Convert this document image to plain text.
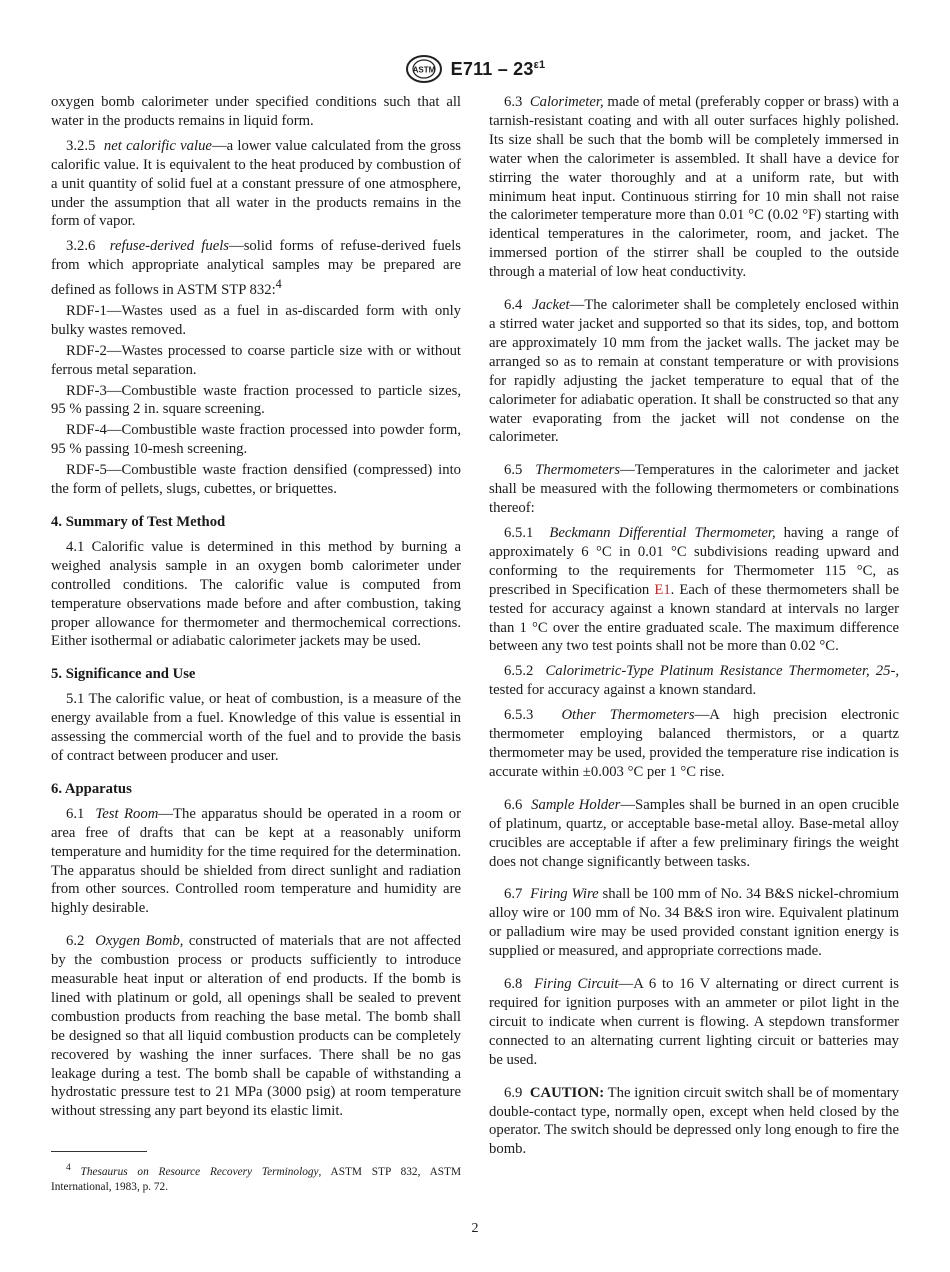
ASTM $E711 - 23^{\varepsilon 1}$

oxygen bomb calorimeter under specified conditions such that all water in the products remains in liquid form.

3.2.5 net calorific value—a lower value calculated from the gross calorific value. It is equivalent to the heat produced by combustion of a unit quantity of solid fuel at a constant pressure of one atmosphere, under the assumption that all water in the products remains in the form of vapor.

3.2.6 refuse-derived fuels—solid forms of refuse-derived fuels from which appropriate analytical samples may be prepared are defined as follows in ASTM STP 832:$^4$

RDF-1—Wastes used as a fuel in as-discarded form with only bulky wastes removed.

RDF-2—Wastes processed to coarse particle size with or without ferrous metal separation.

RDF-3—Combustible waste fraction processed to particle sizes, 95 % passing 2 in. square screening.

RDF-4—Combustible waste fraction processed into powder form, 95 % passing 10-mesh screening.

RDF-5—Combustible waste fraction densified (compressed) into the form of pellets, slugs, cubettes, or briquettes.

4. Summary of Test Method

4.1 Calorific value is determined in this method by burning a weighed analysis sample in an oxygen bomb calorimeter under controlled conditions. The calorific value is computed from temperature observations made before and after combustion, taking proper allowance for thermometer and thermochemical corrections. Either isothermal or adiabatic calorimeter jackets may be used.

5. Significance and Use

5.1 The calorific value, or heat of combustion, is a measure of the energy available from a fuel. Knowledge of this value is essential in assessing the commercial worth of the fuel and to provide the basis of contract between producer and user.

6. Apparatus

6.1 Test Room—The apparatus should be operated in a room or area free of drafts that can be kept at a reasonably uniform temperature and humidity for the time required for the determination. The apparatus should be shielded from direct sunlight and radiation from other sources. Controlled room temperature and humidity are highly desirable.

6.2 Oxygen Bomb, constructed of materials that are not affected by the combustion process or products sufficiently to introduce measurable heat input or alteration of end products. If the bomb is lined with platinum or gold, all openings shall be sealed to prevent combustion products from reaching the base metal. The bomb shall be designed so that all liquid combustion products can be completely recovered by washing the inner surfaces. There shall be no gas leakage during a test. The bomb shall be capable of withstanding a hydrostatic pressure test to 21 MPa (3000 psig) at room temperature without stressing any part beyond its elastic limit.

6.3 Calorimeter, made of metal (preferably copper or brass) with a tarnish-resistant coating and with all outer surfaces highly polished. Its size shall be such that the bomb will be completely immersed in water when the calorimeter is assembled. It shall have a device for stirring the water thoroughly and at a uniform rate, but with minimum heat input. Continuous stirring for 10 min shall not raise the calorimeter temperature more than 0.01 °C (0.02 °F) starting with identical temperatures in the calorimeter, room, and jacket. The immersed portion of the stirrer shall be coupled to the outside through a material of low heat conductivity.

6.4 Jacket—The calorimeter shall be completely enclosed within a stirred water jacket and supported so that its sides, top, and bottom are approximately 10 mm from the jacket walls. The jacket may be arranged so as to remain at constant temperature or with provisions for rapidly adjusting the jacket temperature to equal that of the calorimeter for adiabatic operation. It shall be constructed so that any water evaporating from the jacket will not condense on the calorimeter.

6.5 Thermometers—Temperatures in the calorimeter and jacket shall be measured with the following thermometers or combinations thereof:

6.5.1 Beckmann Differential Thermometer, having a range of approximately 6 °C in 0.01 °C subdivisions reading upward and conforming to the requirements for Thermometer 115 °C, as prescribed in Specification E1. Each of these thermometers shall be tested for accuracy against a known standard at intervals no larger than 1 °C over the entire graduated scale. The maximum difference between any two test points shall not be more than 0.02 °C.

6.5.2 Calorimetric-Type Platinum Resistance Thermometer, 25-, tested for accuracy against a known standard.

6.5.3 Other Thermometers—A high precision electronic thermometer employing balanced thermistors, or a quartz thermometer may be used, provided the temperature rise indication is accurate within ±0.003 °C per 1 °C rise.

6.6 Sample Holder—Samples shall be burned in an open crucible of platinum, quartz, or acceptable base-metal alloy. Base-metal alloy crucibles are acceptable if after a few preliminary firings the weight does not change significantly between tasks.

6.7 Firing Wire shall be 100 mm of No. 34 B&S nickel-chromium alloy wire or 100 mm of No. 34 B&S iron wire. Equivalent platinum or palladium wire may be used provided constant ignition energy is supplied or measured, and appropriate corrections made.

6.8 Firing Circuit—A 6 to 16 V alternating or direct current is required for ignition purposes with an ammeter or pilot light in the circuit to indicate when current is flowing. A stepdown transformer connected to an alternating current lighting circuit or batteries may be used.

6.9 CAUTION: The ignition circuit switch shall be of momentary double-contact type, normally open, except when held closed by the operator. The switch should be depressed only long enough to fire the bomb.

$^4$ Thesaurus on Resource Recovery Terminology, ASTM STP 832, ASTM International, 1983, p. 72.
2
